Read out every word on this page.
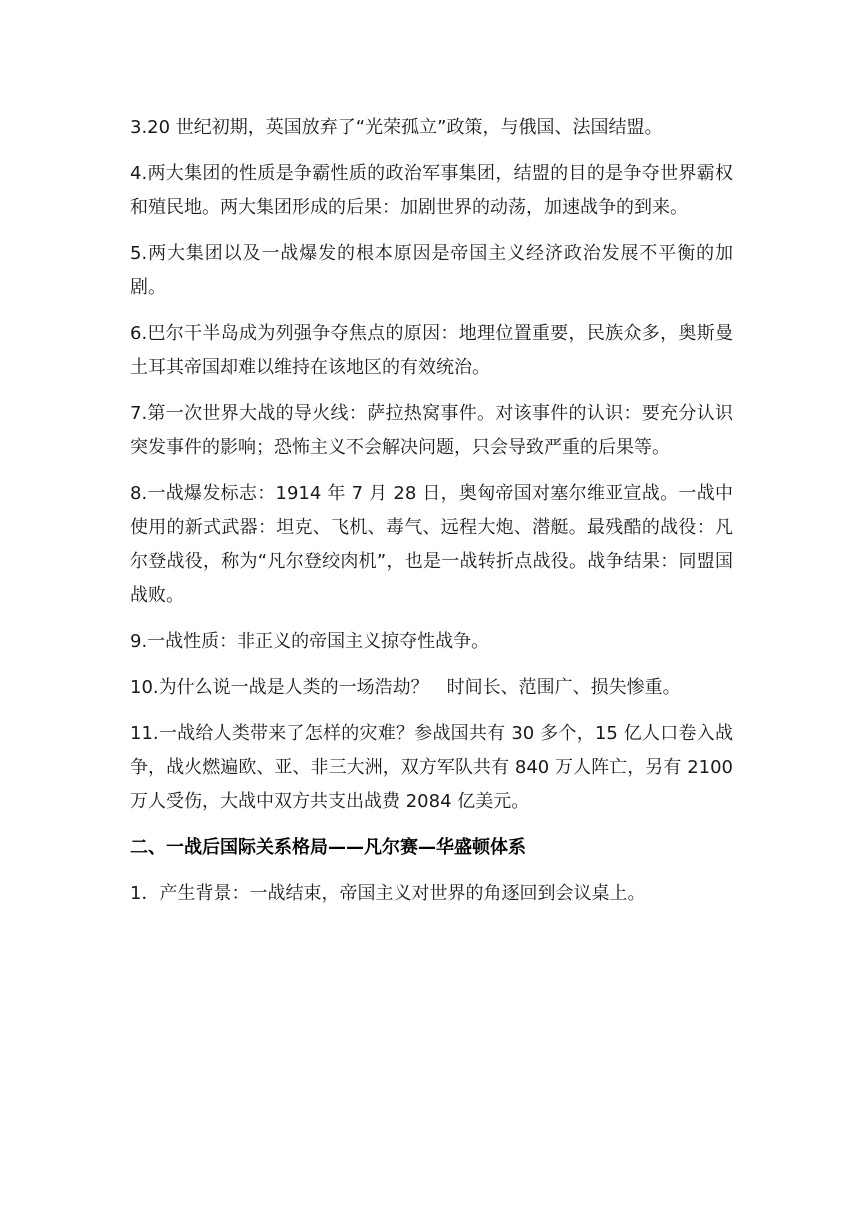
3.20 世纪初期，英国放弃了“光荣孤立”政策，与俄国、法国结盟。

4.两大集团的性质是争霸性质的政治军事集团，结盟的目的是争夺世界霸权和殖民地。两大集团形成的后果：加剧世界的动荡，加速战争的到来。

5.两大集团以及一战爆发的根本原因是帝国主义经济政治发展不平衡的加剧。

6.巴尔干半岛成为列强争夺焦点的原因：地理位置重要，民族众多，奥斯曼土耳其帝国却难以维持在该地区的有效统治。

7.第一次世界大战的导火线：萨拉热窝事件。对该事件的认识：要充分认识突发事件的影响；恐怖主义不会解决问题，只会导致严重的后果等。

8.一战爆发标志：1914 年 7 月 28 日，奥匈帝国对塞尔维亚宣战。一战中使用的新式武器：坦克、飞机、毒气、远程大炮、潜艇。最残酷的战役：凡尔登战役，称为“凡尔登绞肉机”，也是一战转折点战役。战争结果：同盟国战败。

9.一战性质：非正义的帝国主义掠夺性战争。

10.为什么说一战是人类的一场浩劫？　时间长、范围广、损失惨重。

11.一战给人类带来了怎样的灾难？参战国共有 30 多个，15 亿人口卷入战争，战火燃遍欧、亚、非三大洲，双方军队共有 840 万人阵亡，另有 2100 万人受伤，大战中双方共支出战费 2084 亿美元。

二、一战后国际关系格局——凡尔赛—华盛顿体系

1．产生背景：一战结束，帝国主义对世界的角逐回到会议桌上。
